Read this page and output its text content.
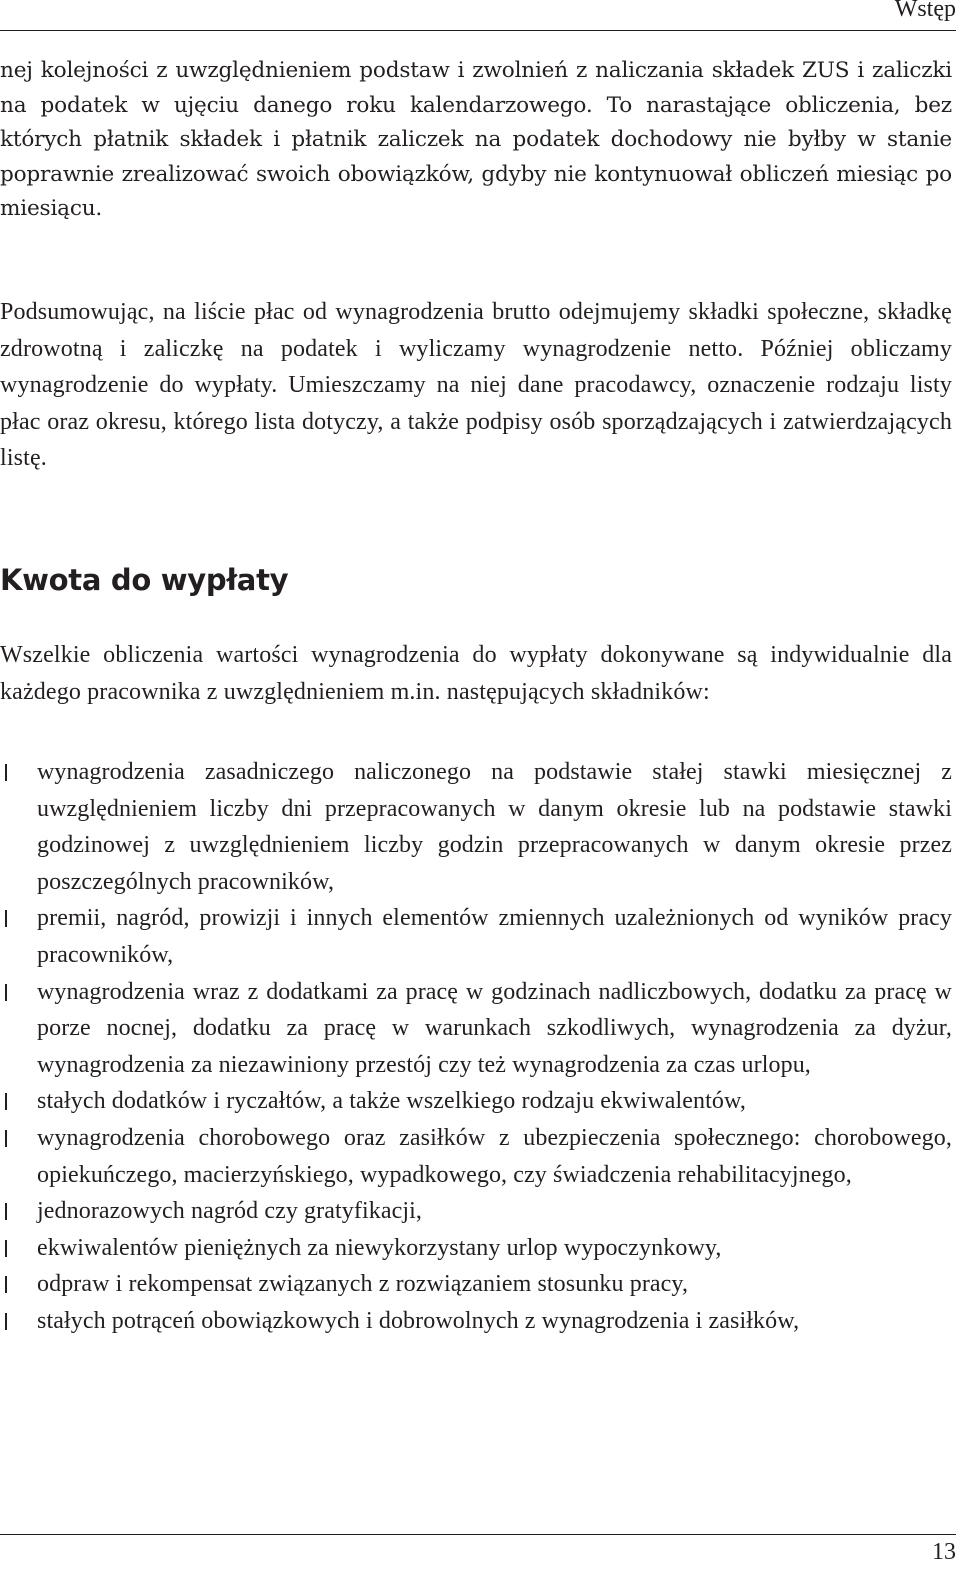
Wstęp

nej kolejności z uwzględnieniem podstaw i zwolnień z naliczania składek ZUS i zaliczki na podatek w ujęciu danego roku kalendarzowego. To narastające obliczenia, bez których płatnik składek i płatnik zaliczek na podatek dochodowy nie byłby w stanie poprawnie zrealizować swoich obowiązków, gdyby nie kontynuował obliczeń miesiąc po miesiącu.

Podsumowując, na liście płac od wynagrodzenia brutto odejmujemy składki społeczne, składkę zdrowotną i zaliczkę na podatek i wyliczamy wynagrodzenie netto. Później obliczamy wynagrodzenie do wypłaty. Umieszczamy na niej dane pracodawcy, oznaczenie rodzaju listy płac oraz okresu, którego lista dotyczy, a także podpisy osób sporządzających i zatwierdzających listę.

Kwota do wypłaty

Wszelkie obliczenia wartości wynagrodzenia do wypłaty dokonywane są indywidualnie dla każdego pracownika z uwzględnieniem m.in. następujących składników:

wynagrodzenia zasadniczego naliczonego na podstawie stałej stawki miesięcznej z uwzględnieniem liczby dni przepracowanych w danym okresie lub na podstawie stawki godzinowej z uwzględnieniem liczby godzin przepracowanych w danym okresie przez poszczególnych pracowników,
premii, nagród, prowizji i innych elementów zmiennych uzależnionych od wyników pracy pracowników,
wynagrodzenia wraz z dodatkami za pracę w godzinach nadliczbowych, dodatku za pracę w porze nocnej, dodatku za pracę w warunkach szkodliwych, wynagrodzenia za dyżur, wynagrodzenia za niezawiniony przestój czy też wynagrodzenia za czas urlopu,
stałych dodatków i ryczałtów, a także wszelkiego rodzaju ekwiwalentów,
wynagrodzenia chorobowego oraz zasiłków z ubezpieczenia społecznego: chorobowego, opiekuńczego, macierzyńskiego, wypadkowego, czy świadczenia rehabilitacyjnego,
jednorazowych nagród czy gratyfikacji,
ekwiwalentów pieniężnych za niewykorzystany urlop wypoczynkowy,
odpraw i rekompensat związanych z rozwiązaniem stosunku pracy,
stałych potrąceń obowiązkowych i dobrowolnych z wynagrodzenia i zasiłków,
13
